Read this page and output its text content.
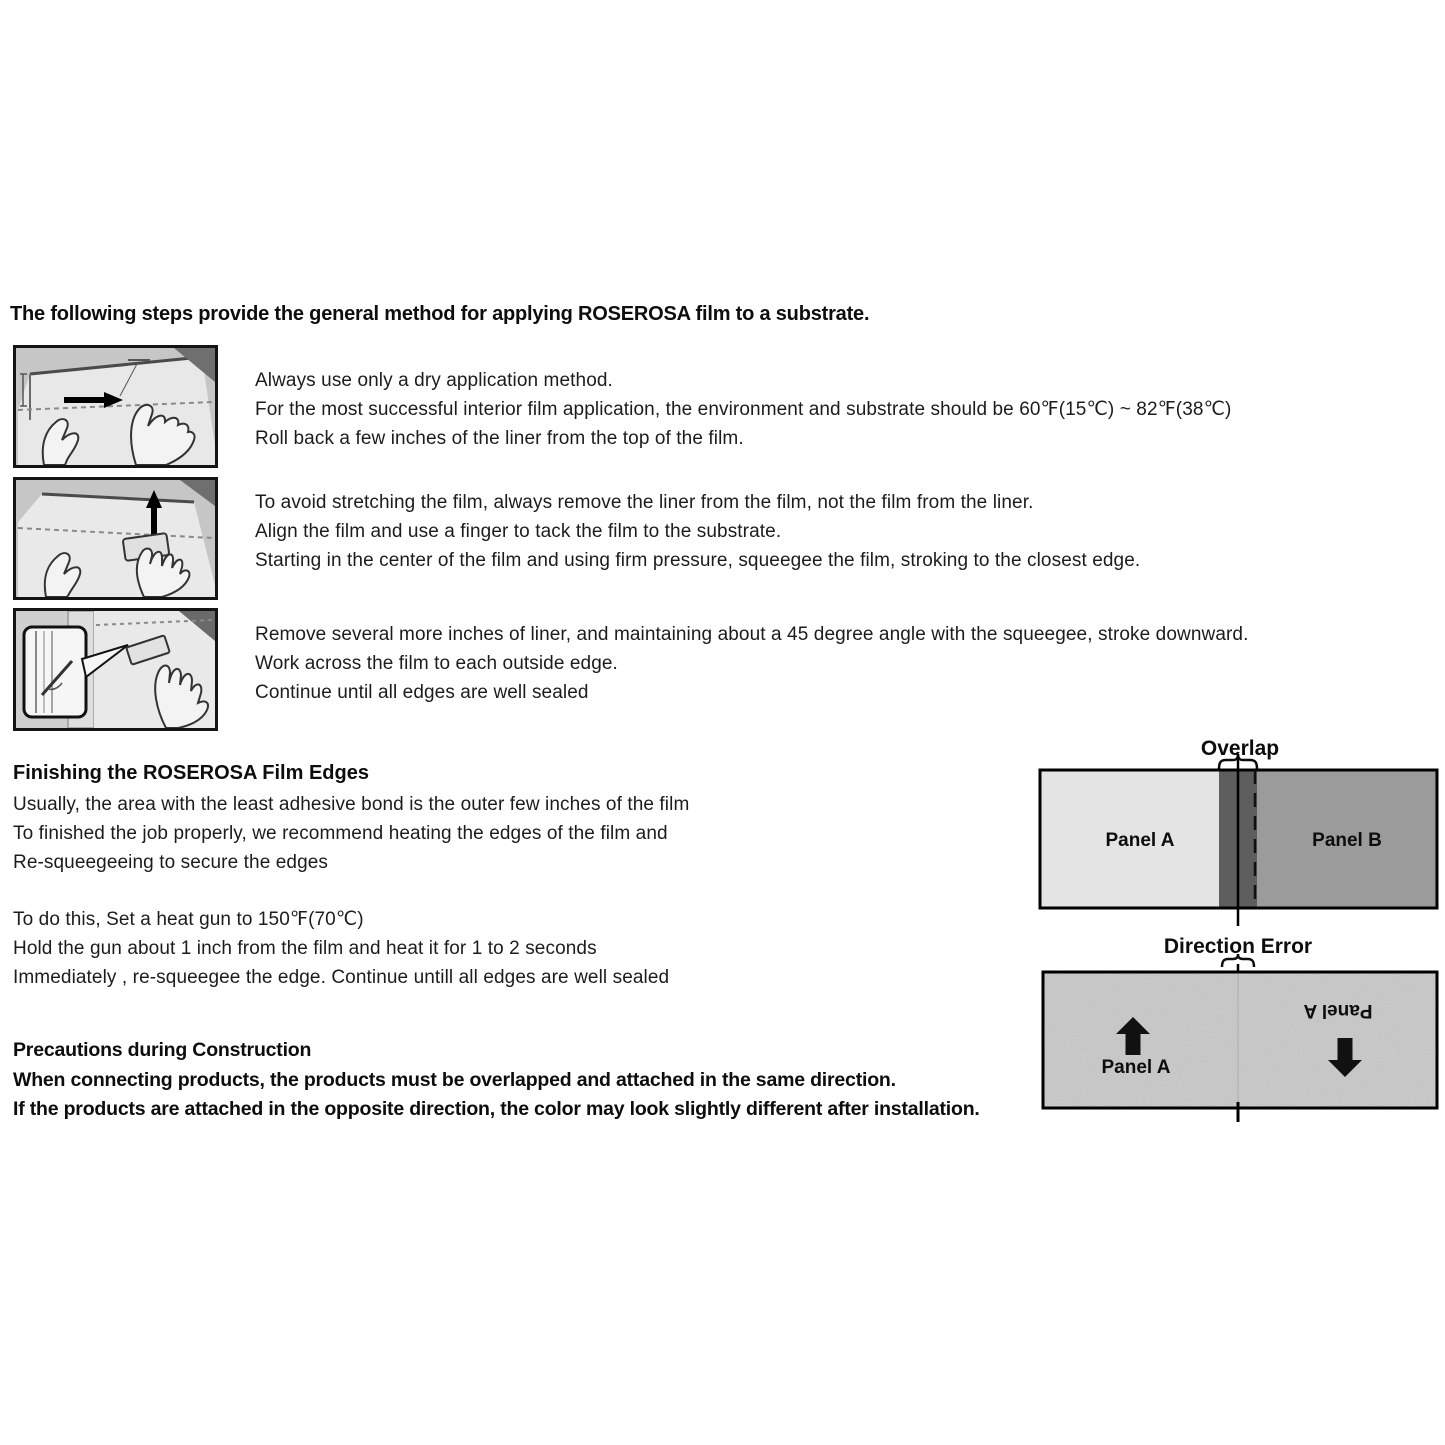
The following steps provide the general method for applying ROSEROSA film to a substrate.
Always use only a dry application method.
For the most successful interior film application, the environment and substrate should be 60℉(15℃) ~ 82℉(38℃)
Roll back a few inches of the liner from the top of the film.
To avoid stretching the film, always remove the liner from the film, not the film from the liner.
Align the film and use a finger to tack the film to the substrate.
Starting in the center of the film and using firm pressure, squeegee the film, stroking to the closest edge.
Remove several more inches of liner, and maintaining about a 45 degree angle with the squeegee, stroke downward.
Work across the film to each outside edge.
Continue until all edges are well sealed
Finishing the ROSEROSA Film Edges
Usually, the area with the least adhesive bond is the outer few inches of the film
To finished the job properly, we recommend heating the edges of the film and
Re-squeegeeing to secure the edges
To do this, Set a heat gun to 150℉(70℃)
Hold the gun about 1 inch from the film and heat it for 1 to 2 seconds
Immediately , re-squeegee the edge. Continue untill all edges are well sealed
Precautions during Construction
When connecting products, the products must be overlapped and attached in the same direction.
If the products are attached in the opposite direction, the color may look slightly different after installation.
Overlap
Panel A	Panel B
Direction Error
Panel A
Panel A
